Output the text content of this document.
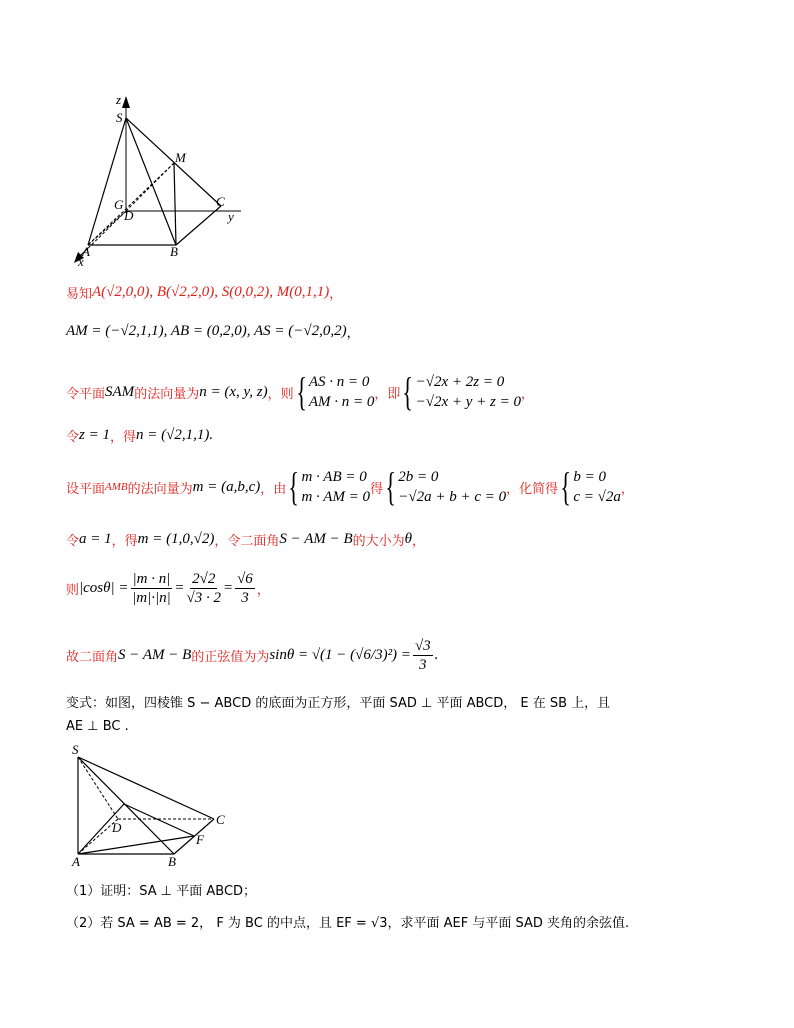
z
S
M
G
D
C
y
A	B
x
易知 A(√2,0,0), B(√2,2,0), S(0,0,2), M(0,1,1) ，
AM = (−√2,1,1), AB = (0,2,0), AS = (−√2,0,2) ，
令平面 SAM 的法向量为 n = (x, y, z) ，则 { AS · n = 0
AM · n = 0 ，即 { −√2x + 2z = 0
−√2x + y + z = 0 ，
令 z = 1 ，得 n = (√2,1,1) .
设平面 AMB 的法向量为 m = (a,b,c) ，由 { m · AB = 0
m · AM = 0 得 { 2b = 0
−√2a + b + c = 0 ，化简得 { b = 0
c = √2a ，
令 a = 1 ，得 m = (1,0,√2) ，令二面角 S − AM − B 的大小为 θ ，
则 $|\cos\theta| = \frac{|m \cdot n|}{|m|\cdot|n|} = \frac{2√2}{√3 \cdot 2} = \frac{√6}{3}$ ，
故二面角 S − AM − B 的正弦值为为 $\sin\theta = √(1 - (√6/3)^2) = \frac{√3}{3}$ .
变式：如图，四棱锥 S − ABCD 的底面为正方形，平面 SAD ⊥ 平面 ABCD， E 在 SB 上，且
AE ⊥ BC .
S
D
C
F
A	B
（1）证明：SA ⊥ 平面 ABCD；
（2）若 SA = AB = 2， F 为 BC 的中点，且 EF = √3，求平面 AEF 与平面 SAD 夹角的余弦值.
